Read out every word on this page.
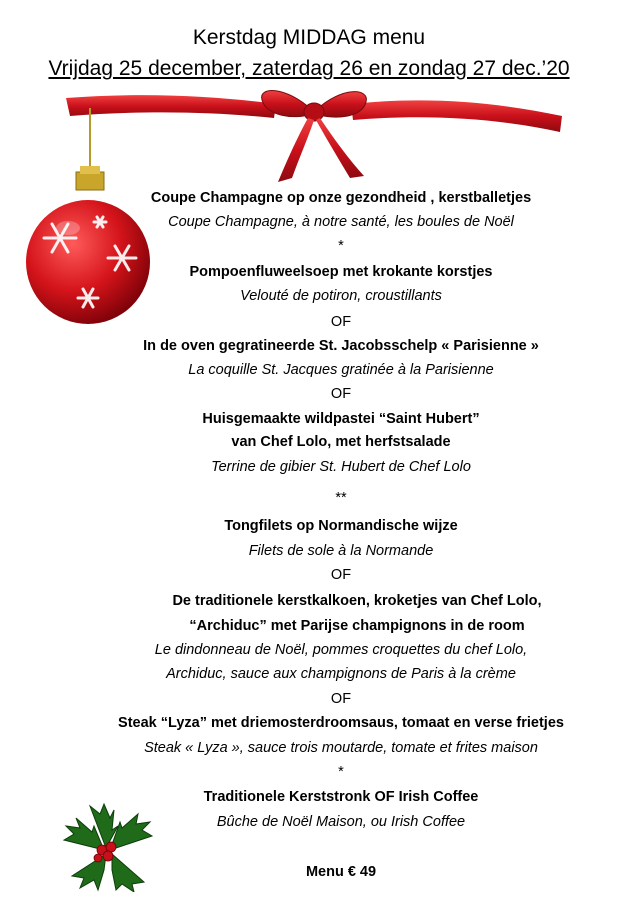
Kerstdag MIDDAG menu
Vrijdag 25 december, zaterdag 26 en zondag 27 dec.’20
Coupe Champagne op onze gezondheid , kerstballetjes
Coupe Champagne, à notre santé, les boules de Noël
*
Pompoenfluweelsoep met krokante korstjes
Velouté de potiron, croustillants
OF
In de oven gegratineerde St. Jacobsschelp « Parisienne »
La coquille St. Jacques gratinée à la Parisienne
OF
Huisgemaakte wildpastei “Saint Hubert”
van Chef Lolo, met herfstsalade
Terrine de gibier St. Hubert de Chef Lolo
**
Tongfilets op Normandische wijze
Filets de sole à la Normande
OF
De traditionele kerstkalkoen, kroketjes van Chef Lolo,
“Archiduc” met Parijse champignons in de room
Le dindonneau de Noël, pommes croquettes du chef Lolo,
Archiduc, sauce aux champignons de Paris à la crème
OF
Steak “Lyza” met driemosterdroomsaus, tomaat en verse frietjes
Steak « Lyza », sauce trois moutarde, tomate et frites maison
*
Traditionele Kerststronk OF Irish Coffee
Bûche de Noël Maison, ou Irish Coffee
Menu € 49
